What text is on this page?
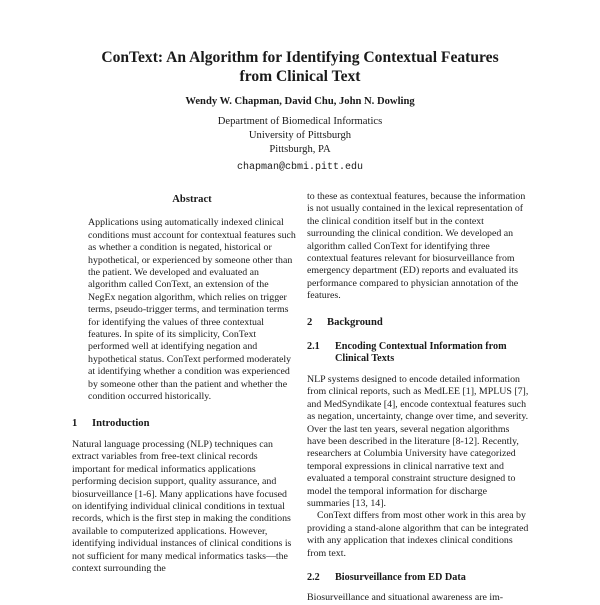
ConText: An Algorithm for Identifying Contextual Features
from Clinical Text
Wendy W. Chapman, David Chu, John N. Dowling
Department of Biomedical Informatics
University of Pittsburgh
Pittsburgh, PA
chapman@cbmi.pitt.edu
Abstract

Applications using automatically indexed clinical conditions must account for contextual features such as whether a condition is negated, historical or hypothetical, or experienced by someone other than the patient. We developed and evaluated an algorithm called ConText, an extension of the NegEx negation algorithm, which relies on trigger terms, pseudo-trigger terms, and termination terms for identifying the values of three contextual features. In spite of its simplicity, ConText performed well at identifying negation and hypothetical status. ConText performed moderately at identifying whether a condition was experienced by someone other than the patient and whether the condition occurred historically.

1	Introduction

Natural language processing (NLP) techniques can extract variables from free-text clinical records important for medical informatics applications performing decision support, quality assurance, and biosurveillance [1-6]. Many applications have focused on identifying individual clinical conditions in textual records, which is the first step in making the conditions available to computerized applications. However, identifying individual instances of clinical conditions is not sufficient for many medical informatics tasks—the context surrounding the

to these as contextual features, because the information is not usually contained in the lexical representation of the clinical condition itself but in the context surrounding the clinical condition. We developed an algorithm called ConText for identifying three contextual features relevant for biosurveillance from emergency department (ED) reports and evaluated its performance compared to physician annotation of the features.

2	Background
2.1	Encoding Contextual Information from Clinical Texts

NLP systems designed to encode detailed information from clinical reports, such as MedLEE [1], MPLUS [7], and MedSyndikate [4], encode contextual features such as negation, uncertainty, change over time, and severity. Over the last ten years, several negation algorithms have been described in the literature [8-12]. Recently, researchers at Columbia University have categorized temporal expressions in clinical narrative text and evaluated a temporal constraint structure designed to model the temporal information for discharge summaries [13, 14].

ConText differs from most other work in this area by providing a stand-alone algorithm that can be integrated with any application that indexes clinical conditions from text.

2.2	Biosurveillance from ED Data

Biosurveillance and situational awareness are im-
